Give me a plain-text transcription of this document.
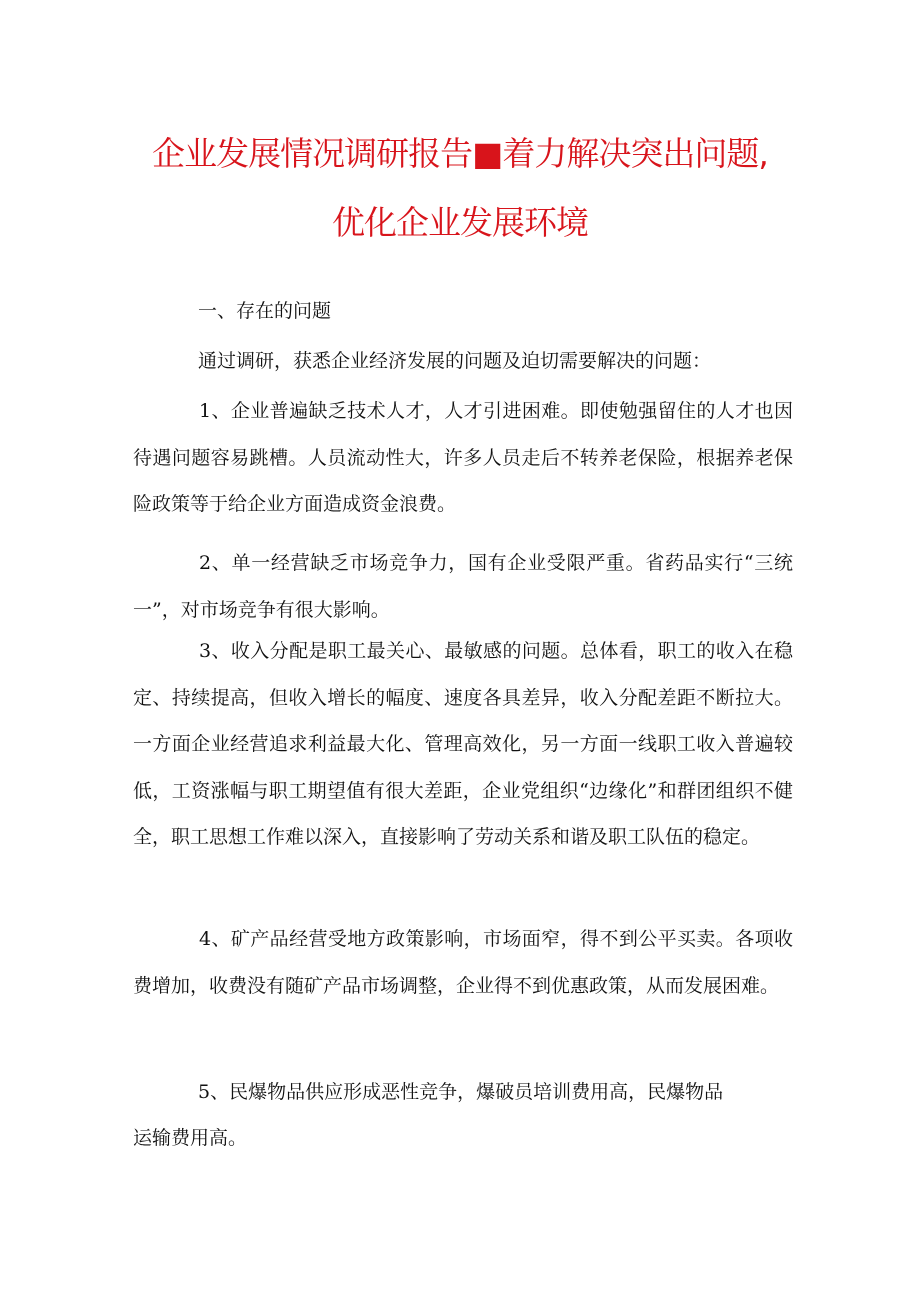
企业发展情况调研报告■着力解决突出问题,
优化企业发展环境

一、存在的问题

通过调研，获悉企业经济发展的问题及迫切需要解决的问题：

1、企业普遍缺乏技术人才，人才引进困难。即使勉强留住的人才也因待遇问题容易跳槽。人员流动性大，许多人员走后不转养老保险，根据养老保险政策等于给企业方面造成资金浪费。

2、单一经营缺乏市场竞争力，国有企业受限严重。省药品实行“三统一”，对市场竞争有很大影响。

3、收入分配是职工最关心、最敏感的问题。总体看，职工的收入在稳定、持续提高，但收入增长的幅度、速度各具差异，收入分配差距不断拉大。一方面企业经营追求利益最大化、管理高效化，另一方面一线职工收入普遍较低，工资涨幅与职工期望值有很大差距，企业党组织“边缘化”和群团组织不健全，职工思想工作难以深入，直接影响了劳动关系和谐及职工队伍的稳定。

4、矿产品经营受地方政策影响，市场面窄，得不到公平买卖。各项收费增加，收费没有随矿产品市场调整，企业得不到优惠政策，从而发展困难。

5、民爆物品供应形成恶性竞争，爆破员培训费用高，民爆物品

运输费用高。
